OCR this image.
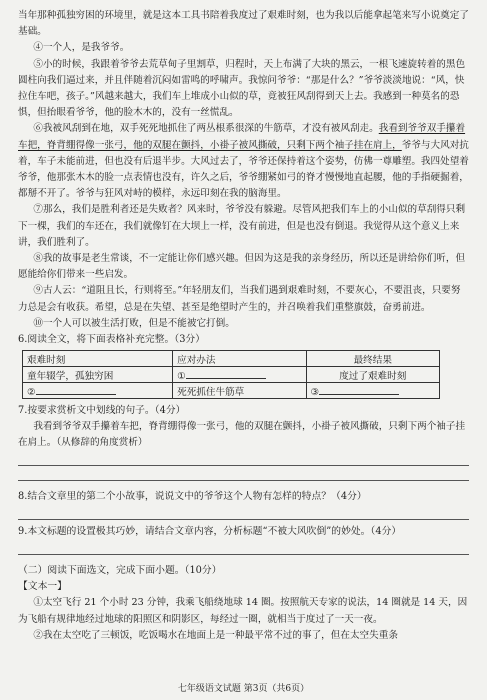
当年那种孤独穷困的环境里，就是这本工具书陪着我度过了艰难时刻，也为我以后能拿起笔来写小说奠定了基础。

④一个人，是我爷爷。

⑤小的时候，我跟着爷爷去荒草甸子里割草，归程时，天上布满了大块的黑云，一根飞速旋转着的黑色圆柱向我们逼过来，并且伴随着沉闷如雷鸣的呼啸声。我惊问爷爷：“那是什么？”爷爷淡淡地说：“风，快拉住车吧，孩子。”风越来越大，我们车上堆成小山似的草，竟被狂风刮得到天上去。我感到一种莫名的恐惧，但抬眼看爷爷，他的脸木木的，没有一丝慌乱。

⑥我被风刮到在地，双手死死地抓住了两丛根系很深的牛筋草，才没有被风刮走。我看到爷爷双手攥着车把，脊背绷得像一张弓，他的双腿在颤抖，小褂子被风撕破，只剩下两个袖子挂在肩上，爷爷与大风对抗着，车子未能前进，但也没有后退半步。大风过去了，爷爷还保持着这个姿势，仿佛一尊雕塑。我四处望着爷爷，他那张木木的脸一点表情也没有，许久之后，爷爷绷紧如弓的脊才慢慢地直起腰，他的手指硬掘着，都掰不开了。爷爷与狂风对峙的模样，永远印刻在我的脑海里。

⑦那么，我们是胜利者还是失败者？风来时，爷爷没有躲避。尽管风把我们车上的小山似的草刮得只剩下一棵，我们的车还在，我们就像钉在大坝上一样，没有前进，但是也没有倒退。我觉得从这个意义上来讲，我们胜利了。

⑧我的故事是老生常谈，不一定能让你们感兴趣。但因为这是我的亲身经历，所以还是讲给你们听，但愿能给你们带来一些启发。

⑨古人云：“道阻且长，行则将至。”年轻朋友们，当我们遇到艰难时刻，不要灰心，不要沮丧，只要努力总是会有收获。希望，总是在失望、甚至是绝望时产生的，并召唤着我们重整旗鼓，奋勇前进。

⑩一个人可以被生活打败，但是不能被它打倒。

6.阅读全文，将下面表格补充完整。（3分）

艰难时刻	应对办法	最终结果
童年辍学，孤独穷困	①	度过了艰难时刻
②	死死抓住牛筋草	③

7.按要求赏析文中划线的句子。（4分）

我看到爷爷双手攥着车把，脊背绷得像一张弓，他的双腿在颤抖，小褂子被风撕破，只剩下两个袖子挂在肩上。（从修辞的角度赏析）

8.结合文章里的第二个小故事，说说文中的爷爷这个人物有怎样的特点？（4分）

9.本文标题的设置极其巧妙，请结合文章内容，分析标题“不被大风吹倒”的妙处。（4分）

（二）阅读下面选文，完成下面小题。（10分）

【文本一】

①太空飞行 21 个小时 23 分钟，我乘飞船绕地球 14 圈。按照航天专家的说法，14 圈就是 14 天，因为飞船有规律地经过地球的阳照区和阴影区，每经过一圈，就相当于度过了一天一夜。

②我在太空吃了三顿饭，吃饭喝水在地面上是一种最平常不过的事了，但在太空失重条

七年级语文试题 第3页（共6页）
